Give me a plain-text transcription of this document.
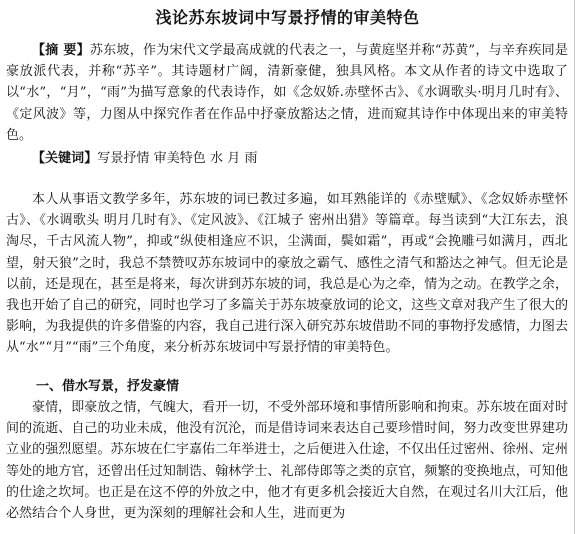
浅论苏东坡词中写景抒情的审美特色

【摘 要】苏东坡，作为宋代文学最高成就的代表之一，与黄庭坚并称“苏黄”，与辛弃疾同是豪放派代表，并称“苏辛”。其诗题材广阔，清新豪健，独具风格。本文从作者的诗文中选取了以“水”，“月”，“雨”为描写意象的代表诗作，如《念奴娇.赤壁怀古》、《水调歌头·明月几时有》、《定风波》等，力图从中探究作者在作品中抒豪放豁达之情，进而窥其诗作中体现出来的审美特色。

【关键词】写景抒情 审美特色 水 月 雨

本人从事语文教学多年，苏东坡的词已教过多遍，如耳熟能详的《赤壁赋》、《念奴娇赤壁怀古》、《水调歌头 明月几时有》、《定风波》、《江城子 密州出猎》等篇章。每当读到“大江东去，浪淘尽，千古风流人物”，抑或“纵使相逢应不识，尘满面，鬓如霜”，再或“会挽雕弓如满月，西北望，射天狼”之时，我总不禁赞叹苏东坡词中的豪放之霸气、感性之清气和豁达之神气。但无论是以前，还是现在，甚至是将来，每次讲到苏东坡的词，我总是心为之牵，情为之动。在教学之余，我也开始了自己的研究，同时也学习了多篇关于苏东坡豪放词的论文，这些文章对我产生了很大的影响，为我提供的许多借鉴的内容，我自己进行深入研究苏东坡借助不同的事物抒发感情，力图去从“水”“月”“雨”三个角度，来分析苏东坡词中写景抒情的审美特色。

一、借水写景，抒发豪情

豪情，即豪放之情，气魄大，看开一切，不受外部环境和事情所影响和拘束。苏东坡在面对时间的流逝、自己的功业未成，他没有沉沦，而是借诗词来表达自己要珍惜时间，努力改变世界建功立业的强烈愿望。苏东坡在仁宇嘉佑二年举进士，之后便进入仕途，不仅出任过密州、徐州、定州等处的地方官，还曾出任过知制诰、翰林学士、礼部侍郎等之类的京官，频繁的变换地点，可知他的仕途之坎坷。也正是在这不停的外放之中，他才有更多机会接近大自然，在观过名川大江后，他必然结合个人身世，更为深刻的理解社会和人生，进而更为
